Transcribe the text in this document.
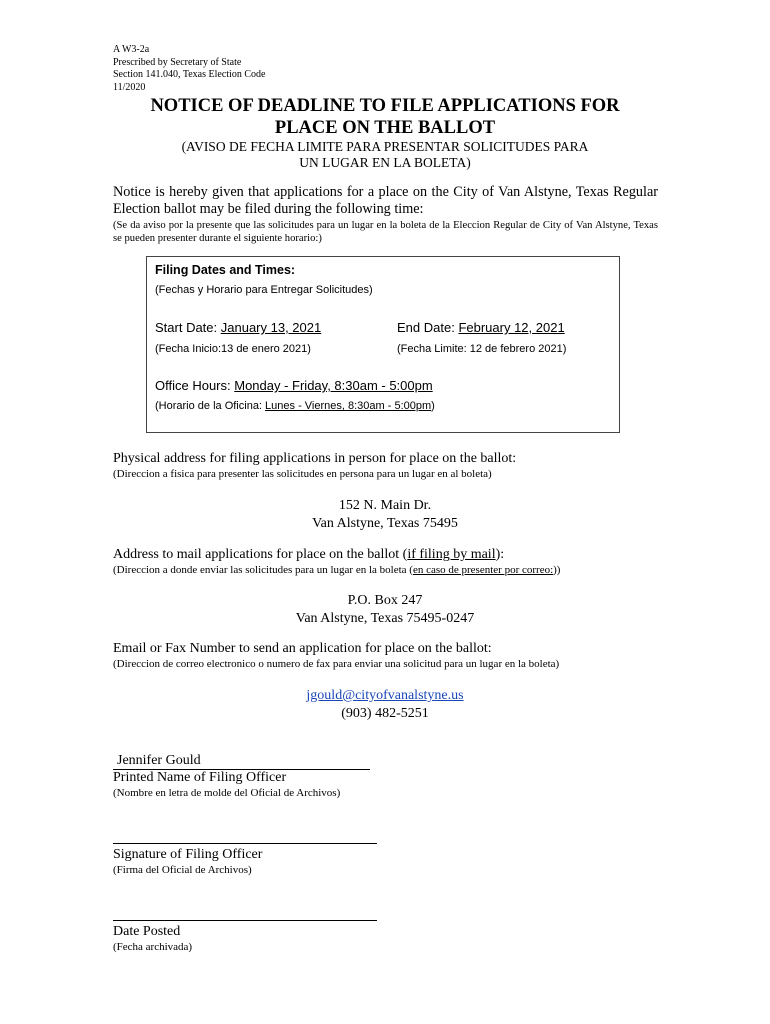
A W3-2a
Prescribed by Secretary of State
Section 141.040, Texas Election Code
11/2020
NOTICE OF DEADLINE TO FILE APPLICATIONS FOR
PLACE ON THE BALLOT
(AVISO DE FECHA LIMITE PARA PRESENTAR SOLICITUDES PARA
UN LUGAR EN LA BOLETA)
Notice is hereby given that applications for a place on the City of Van Alstyne, Texas Regular Election ballot may be filed during the following time:
(Se da aviso por la presente que las solicitudes para un lugar en la boleta de la Eleccion Regular de City of Van Alstyne, Texas se pueden presenter durante el siguiente horario:)
Filing Dates and Times:
(Fechas y Horario para Entregar Solicitudes)
Start Date: January 13, 2021	End Date: February 12, 2021
(Fecha Inicio:13 de enero 2021)	(Fecha Limite: 12 de febrero 2021)
Office Hours: Monday - Friday, 8:30am - 5:00pm
(Horario de la Oficina: Lunes - Viernes, 8:30am - 5:00pm)
Physical address for filing applications in person for place on the ballot:
(Direccion a fisica para presenter las solicitudes en persona para un lugar en al boleta)
152 N. Main Dr.
Van Alstyne, Texas 75495
Address to mail applications for place on the ballot (if filing by mail):
(Direccion a donde enviar las solicitudes para un lugar en la boleta (en caso de presenter por correo:))
P.O. Box 247
Van Alstyne, Texas 75495-0247
Email or Fax Number to send an application for place on the ballot:
(Direccion de correo electronico o numero de fax para enviar una solicitud para un lugar en la boleta)
jgould@cityofvanalstyne.us
(903) 482-5251
Jennifer Gould
Printed Name of Filing Officer
(Nombre en letra de molde del Oficial de Archivos)
Signature of Filing Officer
(Firma del Oficial de Archivos)
Date Posted
(Fecha archivada)
